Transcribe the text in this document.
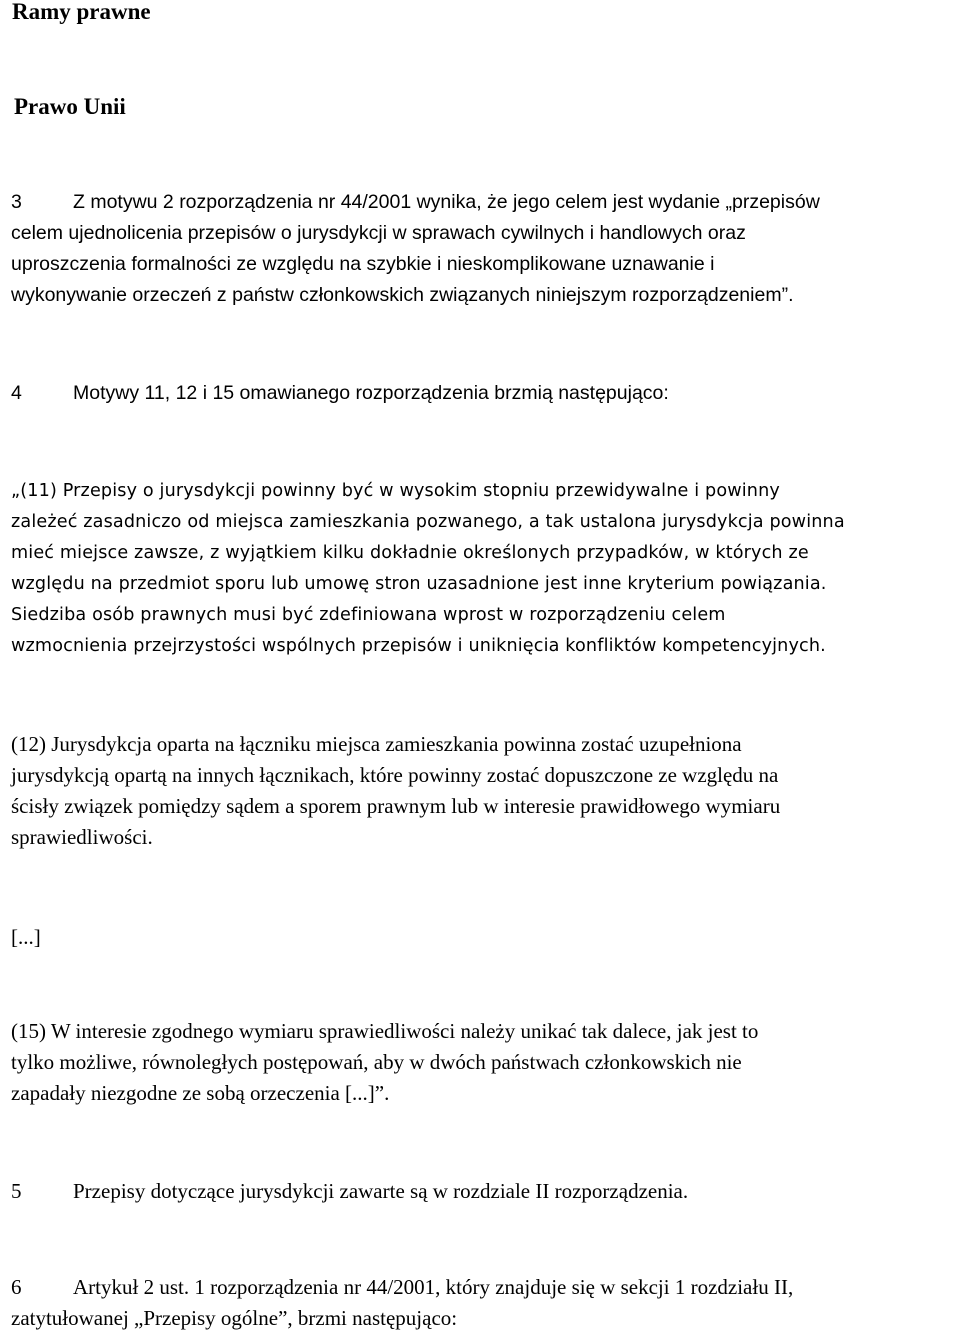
Ramy prawne
Prawo Unii

3	Z motywu 2 rozporządzenia nr 44/2001 wynika, że jego celem jest wydanie „przepisów
celem ujednolicenia przepisów o jurysdykcji w sprawach cywilnych i handlowych oraz
uproszczenia formalności ze względu na szybkie i nieskomplikowane uznawanie i
wykonywanie orzeczeń z państw członkowskich związanych niniejszym rozporządzeniem”.

4	Motywy 11, 12 i 15 omawianego rozporządzenia brzmią następująco:

„(11) Przepisy o jurysdykcji powinny być w wysokim stopniu przewidywalne i powinny
zależeć zasadniczo od miejsca zamieszkania pozwanego, a tak ustalona jurysdykcja powinna
mieć miejsce zawsze, z wyjątkiem kilku dokładnie określonych przypadków, w których ze
względu na przedmiot sporu lub umowę stron uzasadnione jest inne kryterium powiązania.
Siedziba osób prawnych musi być zdefiniowana wprost w rozporządzeniu celem
wzmocnienia przejrzystości wspólnych przepisów i uniknięcia konfliktów kompetencyjnych.

(12) Jurysdykcja oparta na łączniku miejsca zamieszkania powinna zostać uzupełniona
jurysdykcją opartą na innych łącznikach, które powinny zostać dopuszczone ze względu na
ścisły związek pomiędzy sądem a sporem prawnym lub w interesie prawidłowego wymiaru
sprawiedliwości.

[...]

(15) W interesie zgodnego wymiaru sprawiedliwości należy unikać tak dalece, jak jest to
tylko możliwe, równoległych postępowań, aby w dwóch państwach członkowskich nie
zapadały niezgodne ze sobą orzeczenia [...]”.

5 Przepisy dotyczące jurysdykcji zawarte są w rozdziale II rozporządzenia.

6 Artykuł 2 ust. 1 rozporządzenia nr 44/2001, który znajduje się w sekcji 1 rozdziału II,
zatytułowanej „Przepisy ogólne”, brzmi następująco:
